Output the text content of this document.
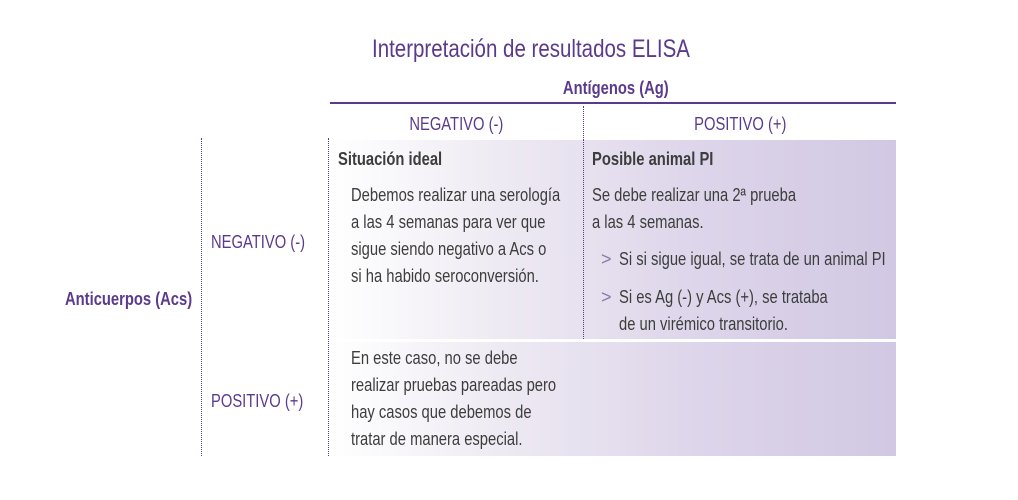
Interpretación de resultados ELISA
Antígenos (Ag)
NEGATIVO (-)	POSITIVO (+)
Anticuerpos (Acs)
NEGATIVO (-)
POSITIVO (+)
Situación ideal
Debemos realizar una serología
a las 4 semanas para ver que
sigue siendo negativo a Acs o
si ha habido seroconversión.
Posible animal PI
Se debe realizar una 2ª prueba
a las 4 semanas.
> Si si sigue igual, se trata de un animal PI
> Si es Ag (-) y Acs (+), se trataba
de un virémico transitorio.
En este caso, no se debe
realizar pruebas pareadas pero
hay casos que debemos de
tratar de manera especial.
